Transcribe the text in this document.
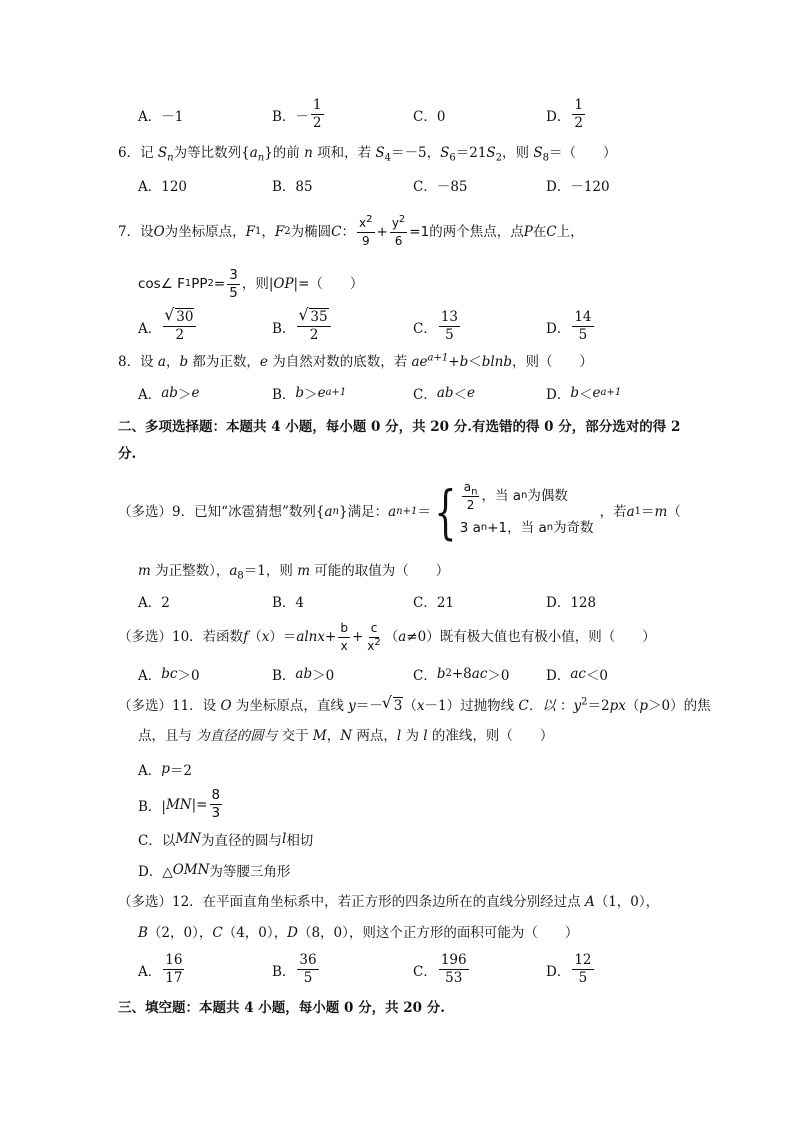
A．－1	B． － $\frac{1}{2}$	C．0	D． $\frac{1}{2}$
6．记 $S_n$为等比数列$\{a_n\}$的前 n 项和，若 $S_4=-5$，$S_6=21S_2$，则 $S_8=$（　　）
A．120	B．85	C．－85	D．－120
7．设 O 为坐标原点， F 1 ， F 2 为椭圆 C ： $\frac{x^2}{9} + \frac{y^2}{6} =1$ 的两个焦点，点 P 在 C 上，
cos∠ F 1 PP $2 = \frac{3}{5}$ ，则| OP |=（　　）
A． √ $\frac{30}{2}$	B． √ $\frac{35}{2}$	C． $\frac{13}{5}$	D． $\frac{14}{5}$
8．设 a，b 都为正数，e 为自然对数的底数，若 $ae^{a+1}+b<blnb$，则（　　）
A． ab ＞ e	B． b ＞ e a+1	C． ab ＜ e	D． b ＜ e a+1
二、多项选择题：本题共 4 小题，每小题 0 分，共 20 分.有选错的得 0 分，部分选对的得 2
分.
（多选）9．已知“冰雹猜想”数列{ a n }满足： a n+1 ＝ { $\frac{a_n}{2}$ ，当 a n 为偶数
3 a n +1，当 a n 为奇数
，若 a 1 ＝ m （
m 为正整数），$a_8=1$，则 m 可能的取值为（　　）
A．2	B．4	C．21	D．128
（多选）10．若函数 f （ x ）＝ $alnx + \frac{b}{x} + \frac{c}{x^2}$ （ a ≠0）既有极大值也有极小值，则（　　）
A． bc ＞0	B． ab ＞0	C． b 2 +8 ac ＞0	D． ac ＜0
（多选）11．设 O 为坐标原点，直线 y＝－ √ 3（x－1）过抛物线 C．以 ：$y^2=2px(p>0)$的焦
点，且与 为直径的圆与 交于 M，N 两点，l 为 l 的准线，则（　　）
A． p ＝2
B．| MN |= $\frac{8}{3}$
C．以 MN 为直径的圆与 l 相切
D．△ OMN 为等腰三角形
（多选）12．在平面直角坐标系中，若正方形的四条边所在的直线分别经过点 A（1，0），
B（2，0），C（4，0），D（8，0），则这个正方形的面积可能为（　　）
A． $\frac{16}{17}$	B． $\frac{36}{5}$	C． $\frac{196}{53}$	D． $\frac{12}{5}$
三、填空题：本题共 4 小题，每小题 0 分，共 20 分.
